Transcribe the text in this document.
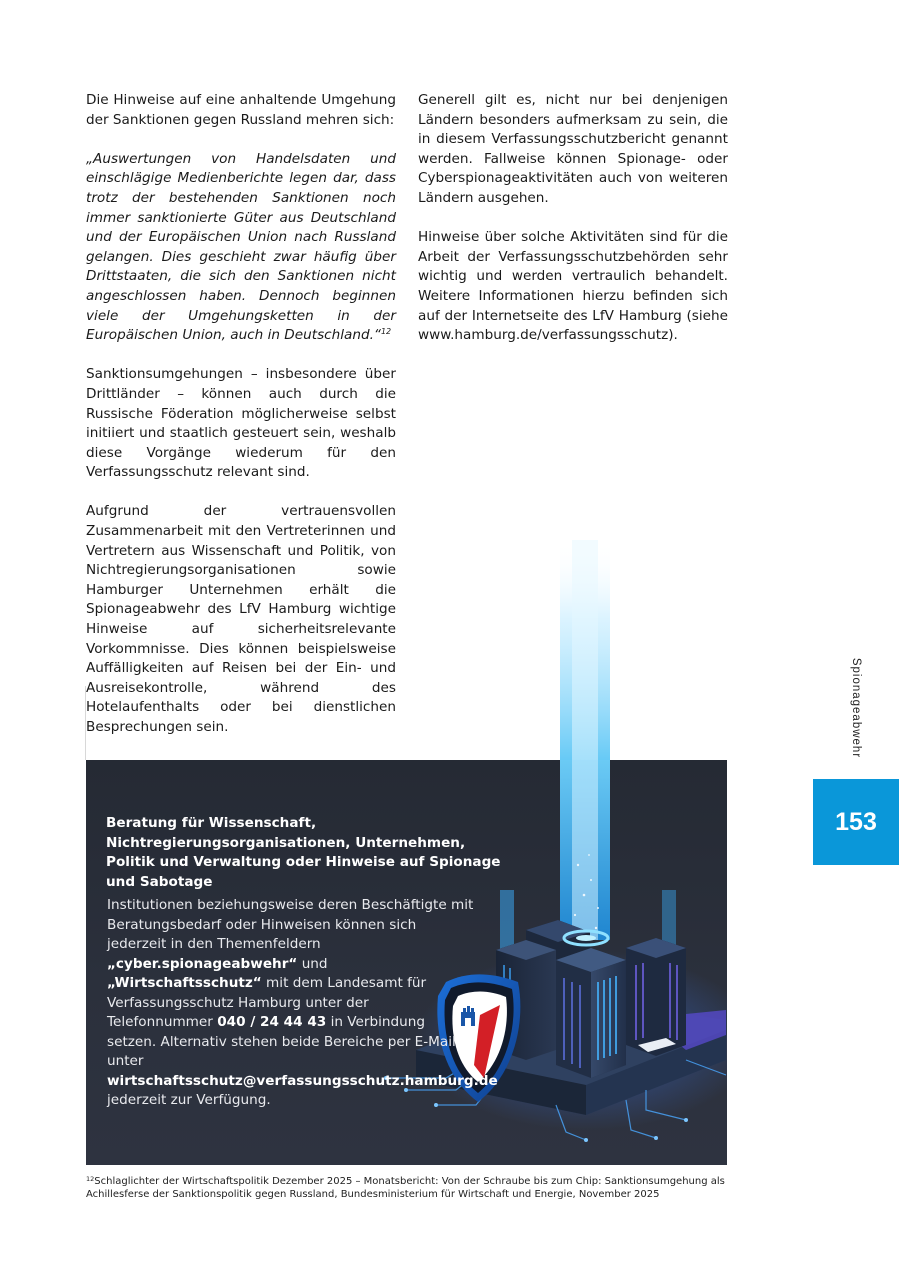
Die Hinweise auf eine anhaltende Umgehung der Sanktionen gegen Russland mehren sich:

„Auswertungen von Handelsdaten und einschlägige Medienberichte legen dar, dass trotz der bestehenden Sanktionen noch immer sanktionierte Güter aus Deutschland und der Europäischen Union nach Russland gelangen. Dies geschieht zwar häufig über Drittstaaten, die sich den Sanktionen nicht angeschlossen haben. Dennoch beginnen viele der Umgehungsketten in der Europäischen Union, auch in Deutschland.“$^{12}$

Sanktionsumgehungen – insbesondere über Drittländer – können auch durch die Russische Föderation möglicherweise selbst initiiert und staatlich gesteuert sein, weshalb diese Vorgänge wiederum für den Verfassungsschutz relevant sind.

Aufgrund der vertrauensvollen Zusammenarbeit mit den Vertreterinnen und Vertretern aus Wissenschaft und Politik, von Nichtregierungsorganisationen sowie Hamburger Unternehmen erhält die Spionageabwehr des LfV Hamburg wichtige Hinweise auf sicherheitsrelevante Vorkommnisse. Dies können beispielsweise Auffälligkeiten auf Reisen bei der Ein- und Ausreisekontrolle, während des Hotelaufenthalts oder bei dienstlichen Besprechungen sein.

Generell gilt es, nicht nur bei denjenigen Ländern besonders aufmerksam zu sein, die in diesem Verfassungsschutzbericht genannt werden. Fallweise können Spionage- oder Cyberspionageaktivitäten auch von weiteren Ländern ausgehen.

Hinweise über solche Aktivitäten sind für die Arbeit der Verfassungsschutzbehörden sehr wichtig und werden vertraulich behandelt. Weitere Informationen hierzu befinden sich auf der Internetseite des LfV Hamburg (siehe www.hamburg.de/verfassungsschutz).

Spionageabwehr
153
Beratung für Wissenschaft, Nichtregierungsorganisationen, Unternehmen, Politik und Verwaltung oder Hinweise auf Spionage und Sabotage
Institutionen beziehungsweise deren Beschäftigte mit Beratungsbedarf oder Hinweisen können sich jederzeit in den Themenfeldern „cyber.spionageabwehr“ und „Wirtschaftsschutz“ mit dem Landesamt für Verfassungsschutz Hamburg unter der Telefonnummer 040 / 24 44 43 in Verbindung setzen. Alternativ stehen beide Bereiche per E-Mail unter wirtschaftsschutz@verfassungsschutz.hamburg.de jederzeit zur Verfügung.
$^{12}$Schlaglichter der Wirtschaftspolitik Dezember 2025 – Monatsbericht: Von der Schraube bis zum Chip: Sanktionsumgehung als Achillesferse der Sanktionspolitik gegen Russland, Bundesministerium für Wirtschaft und Energie, November 2025
